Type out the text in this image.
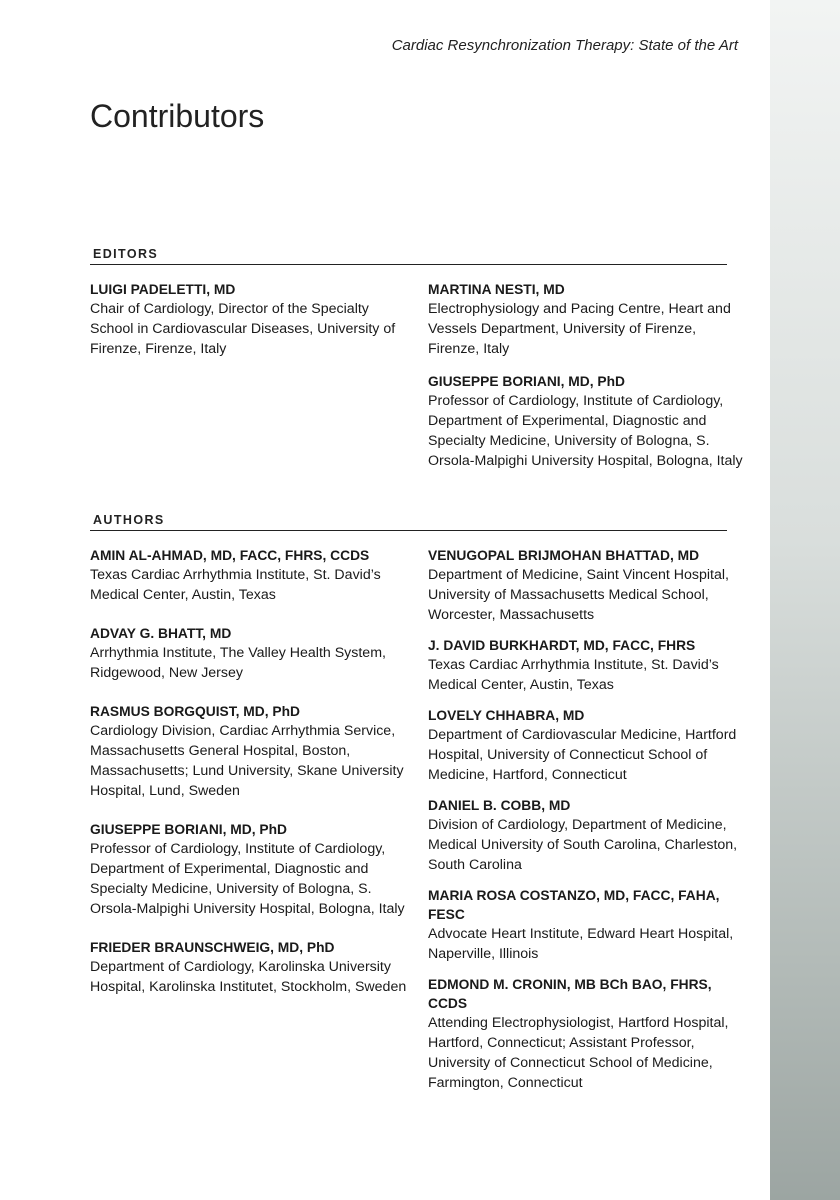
Cardiac Resynchronization Therapy: State of the Art
Contributors
EDITORS
LUIGI PADELETTI, MD
Chair of Cardiology, Director of the Specialty School in Cardiovascular Diseases, University of Firenze, Firenze, Italy
MARTINA NESTI, MD
Electrophysiology and Pacing Centre, Heart and Vessels Department, University of Firenze, Firenze, Italy
GIUSEPPE BORIANI, MD, PhD
Professor of Cardiology, Institute of Cardiology, Department of Experimental, Diagnostic and Specialty Medicine, University of Bologna, S. Orsola-Malpighi University Hospital, Bologna, Italy
AUTHORS
AMIN AL-AHMAD, MD, FACC, FHRS, CCDS
Texas Cardiac Arrhythmia Institute, St. David’s Medical Center, Austin, Texas
ADVAY G. BHATT, MD
Arrhythmia Institute, The Valley Health System, Ridgewood, New Jersey
RASMUS BORGQUIST, MD, PhD
Cardiology Division, Cardiac Arrhythmia Service, Massachusetts General Hospital, Boston, Massachusetts; Lund University, Skane University Hospital, Lund, Sweden
GIUSEPPE BORIANI, MD, PhD
Professor of Cardiology, Institute of Cardiology, Department of Experimental, Diagnostic and Specialty Medicine, University of Bologna, S. Orsola-Malpighi University Hospital, Bologna, Italy
FRIEDER BRAUNSCHWEIG, MD, PhD
Department of Cardiology, Karolinska University Hospital, Karolinska Institutet, Stockholm, Sweden
VENUGOPAL BRIJMOHAN BHATTAD, MD
Department of Medicine, Saint Vincent Hospital, University of Massachusetts Medical School, Worcester, Massachusetts
J. DAVID BURKHARDT, MD, FACC, FHRS
Texas Cardiac Arrhythmia Institute, St. David’s Medical Center, Austin, Texas
LOVELY CHHABRA, MD
Department of Cardiovascular Medicine, Hartford Hospital, University of Connecticut School of Medicine, Hartford, Connecticut
DANIEL B. COBB, MD
Division of Cardiology, Department of Medicine, Medical University of South Carolina, Charleston, South Carolina
MARIA ROSA COSTANZO, MD, FACC, FAHA, FESC
Advocate Heart Institute, Edward Heart Hospital, Naperville, Illinois
EDMOND M. CRONIN, MB BCh BAO, FHRS, CCDS
Attending Electrophysiologist, Hartford Hospital, Hartford, Connecticut; Assistant Professor, University of Connecticut School of Medicine, Farmington, Connecticut
